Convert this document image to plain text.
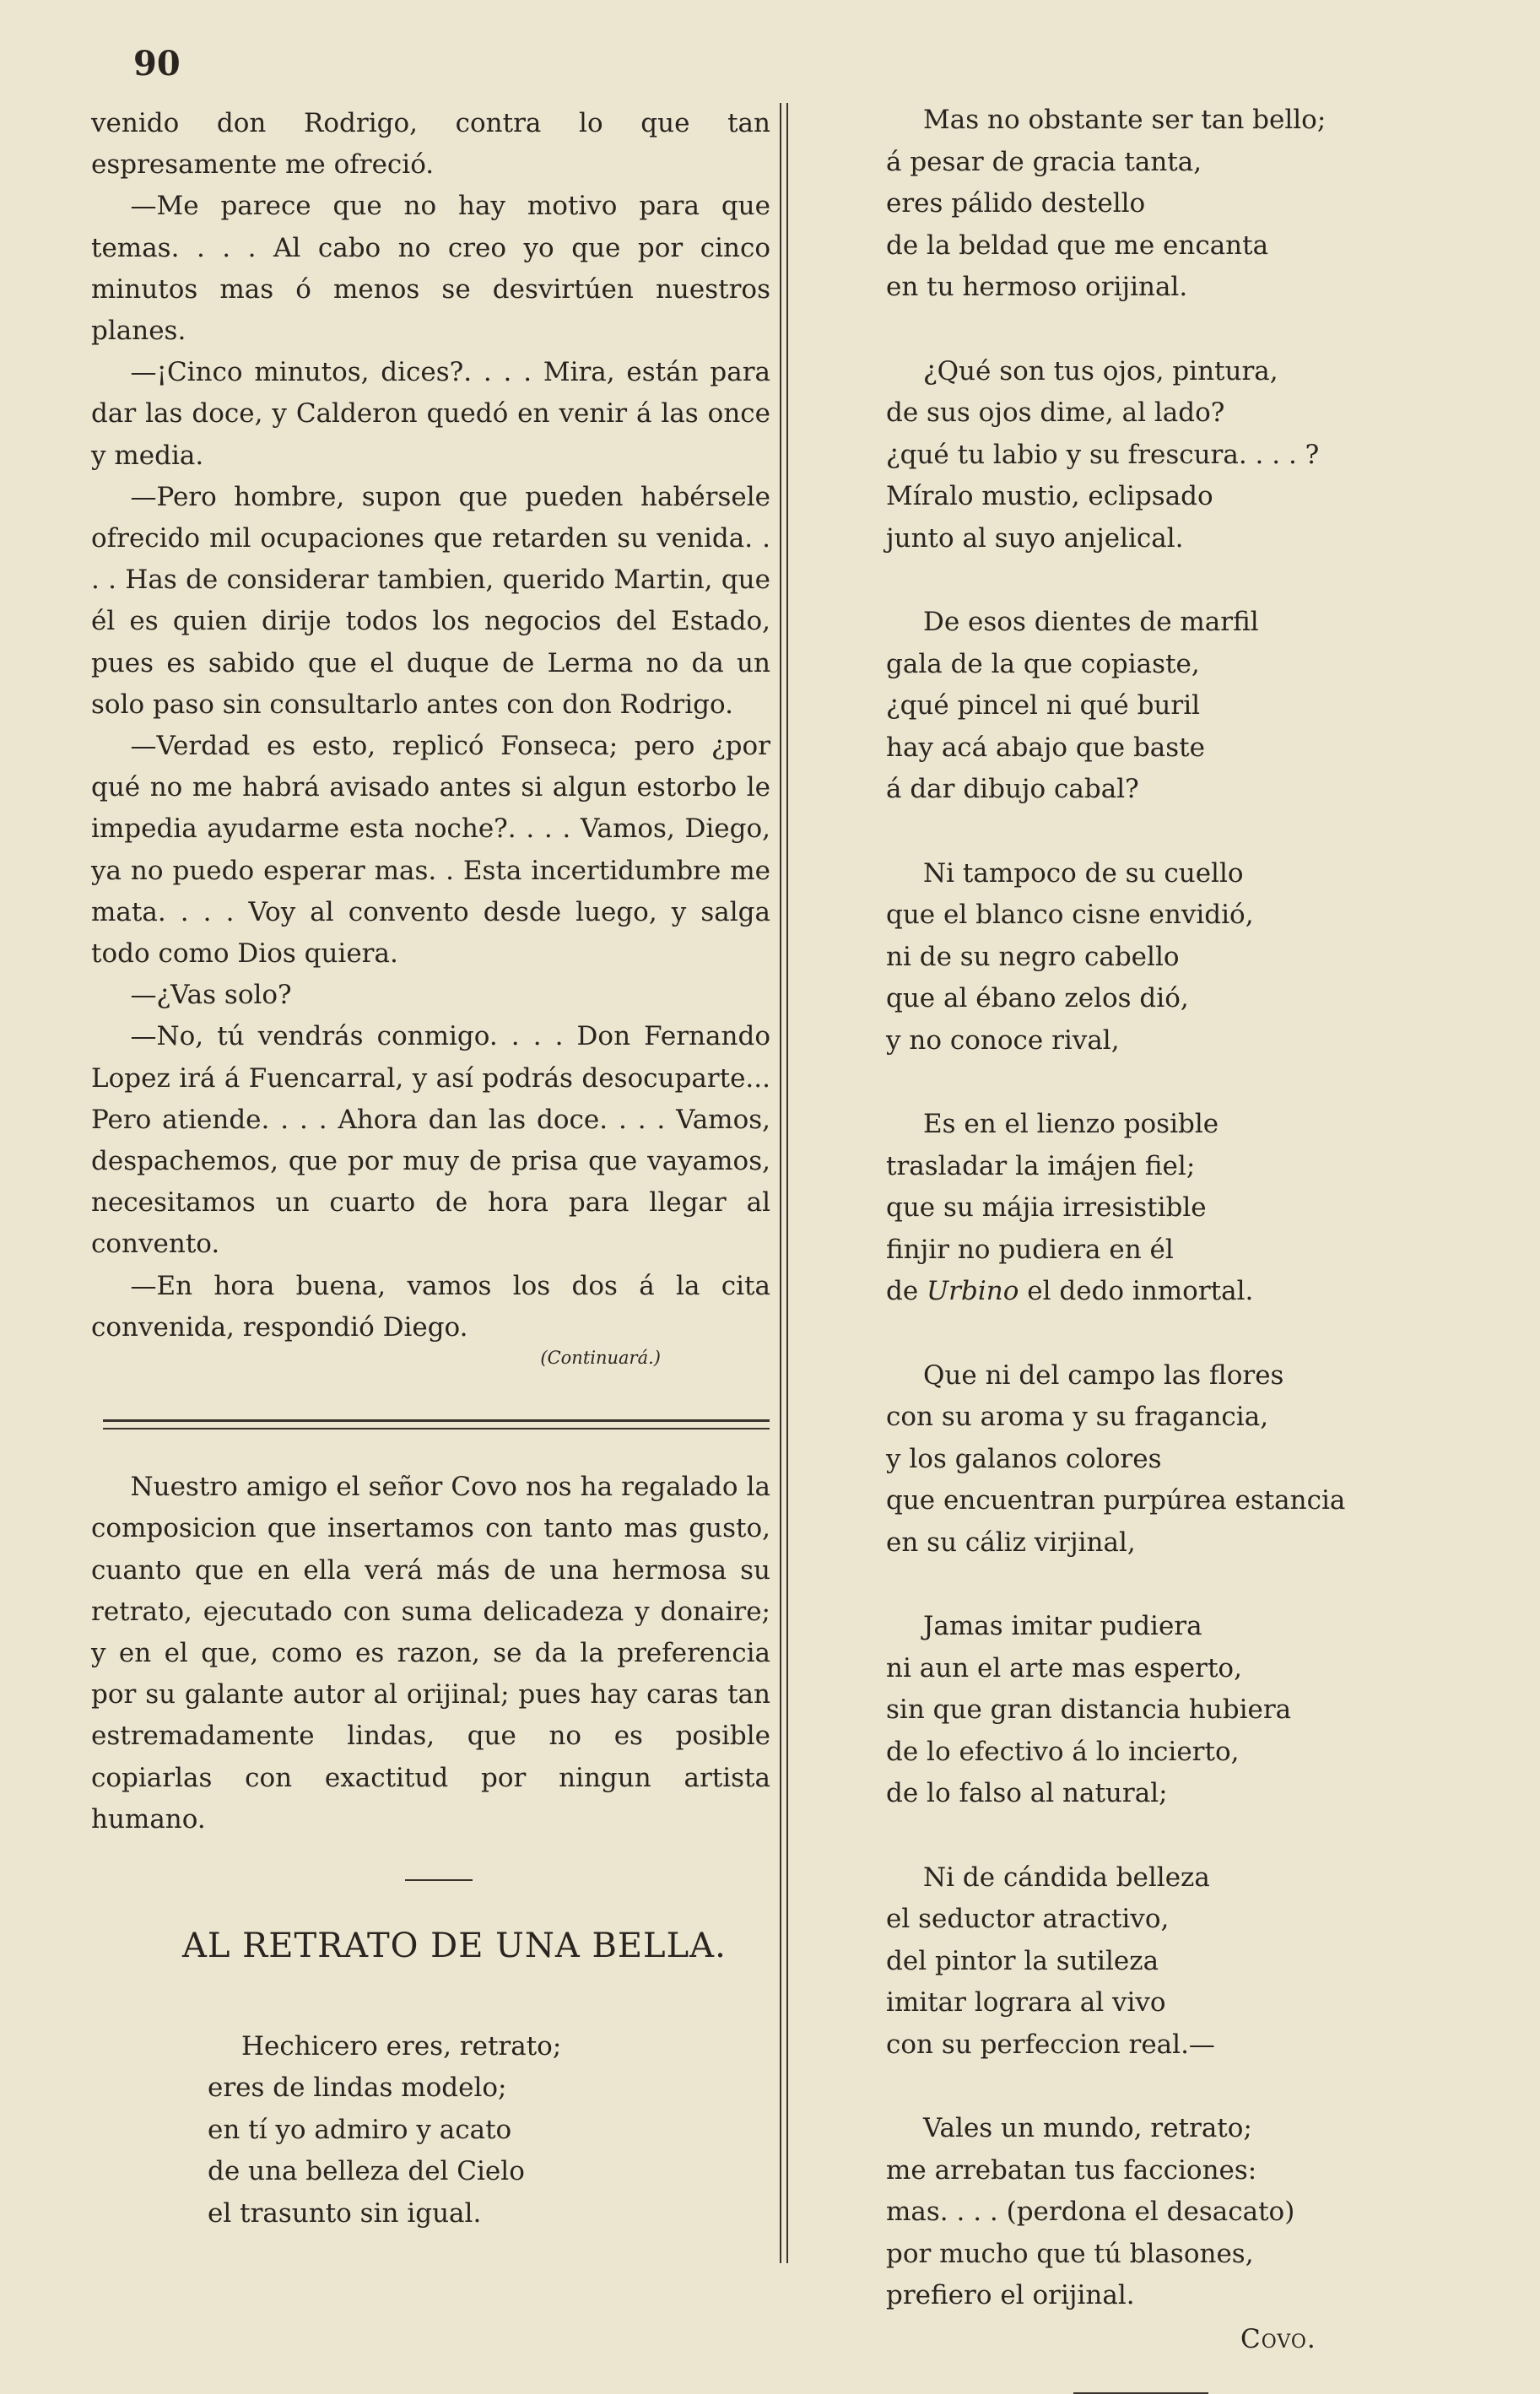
90

venido don Rodrigo, contra lo que tan espresamente me ofreció.

—Me parece que no hay motivo para que temas. . . . Al cabo no creo yo que por cinco minutos mas ó menos se desvirtúen nuestros planes.

—¡Cinco minutos, dices?. . . . Mira, están para dar las doce, y Calderon quedó en venir á las once y media.

—Pero hombre, supon que pueden habérsele ofrecido mil ocupaciones que retarden su venida. . . . Has de considerar tambien, querido Martin, que él es quien dirije todos los negocios del Estado, pues es sabido que el duque de Lerma no da un solo paso sin consultarlo antes con don Rodrigo.

—Verdad es esto, replicó Fonseca; pero ¿por qué no me habrá avisado antes si algun estorbo le impedia ayudarme esta noche?. . . . Vamos, Diego, ya no puedo esperar mas. . Esta incertidumbre me mata. . . . Voy al convento desde luego, y salga todo como Dios quiera.

—¿Vas solo?

—No, tú vendrás conmigo. . . . Don Fernando Lopez irá á Fuencarral, y así podrás desocuparte... Pero atiende. . . . Ahora dan las doce. . . . Vamos, despachemos, que por muy de prisa que vayamos, necesitamos un cuarto de hora para llegar al convento.

—En hora buena, vamos los dos á la cita convenida, respondió Diego.

(Continuará.)

Nuestro amigo el señor Covo nos ha regalado la composicion que insertamos con tanto mas gusto, cuanto que en ella verá más de una hermosa su retrato, ejecutado con suma delicadeza y donaire; y en el que, como es razon, se da la preferencia por su galante autor al orijinal; pues hay caras tan estremadamente lindas, que no es posible copiarlas con exactitud por ningun artista humano.

AL RETRATO DE UNA BELLA.
Hechicero eres, retrato;
eres de lindas modelo;
en tí yo admiro y acato
de una belleza del Cielo
el trasunto sin igual.
Mas no obstante ser tan bello;
á pesar de gracia tanta,
eres pálido destello
de la beldad que me encanta
en tu hermoso orijinal.
¿Qué son tus ojos, pintura,
de sus ojos dime, al lado?
¿qué tu labio y su frescura. . . . ?
Míralo mustio, eclipsado
junto al suyo anjelical.
De esos dientes de marfil
gala de la que copiaste,
¿qué pincel ni qué buril
hay acá abajo que baste
á dar dibujo cabal?
Ni tampoco de su cuello
que el blanco cisne envidió,
ni de su negro cabello
que al ébano zelos dió,
y no conoce rival,
Es en el lienzo posible
trasladar la imájen fiel;
que su májia irresistible
finjir no pudiera en él
de Urbino el dedo inmortal.
Que ni del campo las flores
con su aroma y su fragancia,
y los galanos colores
que encuentran purpúrea estancia
en su cáliz virjinal,
Jamas imitar pudiera
ni aun el arte mas esperto,
sin que gran distancia hubiera
de lo efectivo á lo incierto,
de lo falso al natural;
Ni de cándida belleza
el seductor atractivo,
del pintor la sutileza
imitar lograra al vivo
con su perfeccion real.—
Vales un mundo, retrato;
me arrebatan tus facciones:
mas. . . . (perdona el desacato)
por mucho que tú blasones,
prefiero el orijinal.
Covo.
